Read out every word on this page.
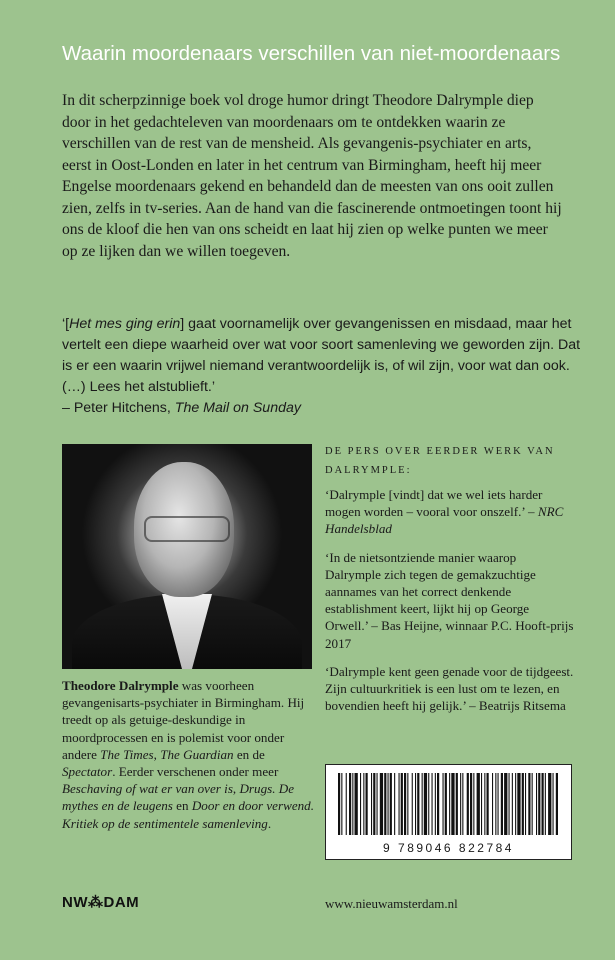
Waarin moordenaars verschillen van niet-moordenaars
In dit scherpzinnige boek vol droge humor dringt Theodore Dalrymple diep door in het gedachteleven van moordenaars om te ontdekken waarin ze verschillen van de rest van de mensheid. Als gevangenis-psychiater en arts, eerst in Oost-Londen en later in het centrum van Birmingham, heeft hij meer Engelse moordenaars gekend en behandeld dan de meesten van ons ooit zullen zien, zelfs in tv-series. Aan de hand van die fascinerende ontmoetingen toont hij ons de kloof die hen van ons scheidt en laat hij zien op welke punten we meer op ze lijken dan we willen toegeven.
‘[Het mes ging erin] gaat voornamelijk over gevangenissen en misdaad, maar het vertelt een diepe waarheid over wat voor soort samenleving we geworden zijn. Dat is er een waarin vrijwel niemand verantwoordelijk is, of wil zijn, voor wat dan ook. (…) Lees het alstublieft.’
– Peter Hitchens, The Mail on Sunday
Theodore Dalrymple was voorheen gevangenisarts-psychiater in Birmingham. Hij treedt op als getuige-deskundige in moordprocessen en is polemist voor onder andere The Times, The Guardian en de Spectator. Eerder verschenen onder meer Beschaving of wat er van over is, Drugs. De mythes en de leugens en Door en door verwend. Kritiek op de sentimentele samenleving.
DE PERS OVER EERDER WERK VAN DALRYMPLE:

‘Dalrymple [vindt] dat we wel iets harder mogen worden – vooral voor onszelf.’ – NRC Handelsblad

‘In de nietsontziende manier waarop Dalrymple zich tegen de gemakzuchtige aannames van het correct denkende establishment keert, lijkt hij op George Orwell.’ – Bas Heijne, winnaar P.C. Hooft-prijs 2017

‘Dalrymple kent geen genade voor de tijdgeest. Zijn cultuurkritiek is een lust om te lezen, en bovendien heeft hij gelijk.’ – Beatrijs Ritsema

9 789046 822784
NW⁂DAM	www.nieuwamsterdam.nl
